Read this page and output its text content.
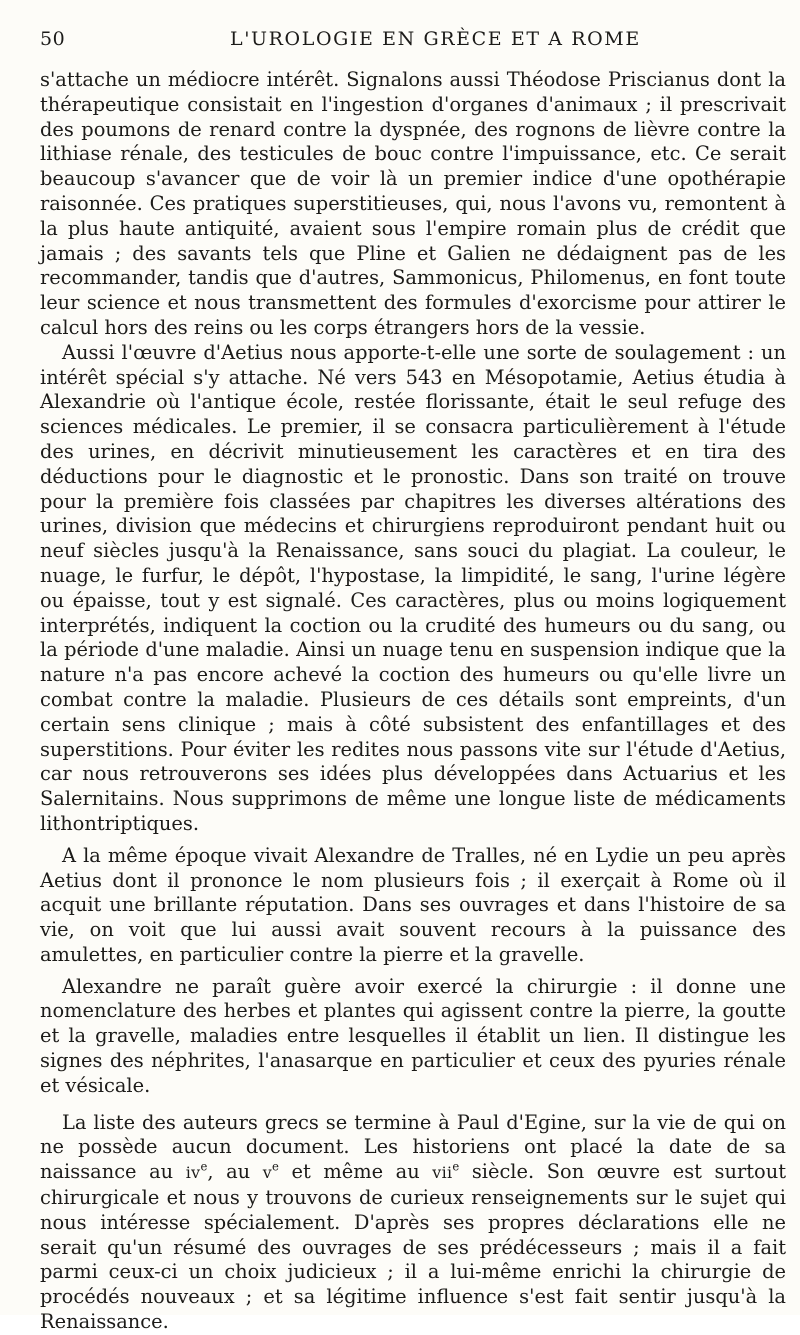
50	L'UROLOGIE EN GRÈCE ET A ROME

s'attache un médiocre intérêt. Signalons aussi Théodose Priscianus dont la thérapeutique consistait en l'ingestion d'organes d'animaux ; il prescrivait des poumons de renard contre la dyspnée, des rognons de lièvre contre la lithiase rénale, des testicules de bouc contre l'impuissance, etc. Ce serait beaucoup s'avancer que de voir là un premier indice d'une opothérapie raisonnée. Ces pratiques superstitieuses, qui, nous l'avons vu, remontent à la plus haute antiquité, avaient sous l'empire romain plus de crédit que jamais ; des savants tels que Pline et Galien ne dédaignent pas de les recommander, tandis que d'autres, Sammonicus, Philomenus, en font toute leur science et nous transmettent des formules d'exorcisme pour attirer le calcul hors des reins ou les corps étrangers hors de la vessie.

Aussi l'œuvre d'Aetius nous apporte-t-elle une sorte de soulagement : un intérêt spécial s'y attache. Né vers 543 en Mésopotamie, Aetius étudia à Alexandrie où l'antique école, restée florissante, était le seul refuge des sciences médicales. Le premier, il se consacra particulièrement à l'étude des urines, en décrivit minutieusement les caractères et en tira des déductions pour le diagnostic et le pronostic. Dans son traité on trouve pour la première fois classées par chapitres les diverses altérations des urines, division que médecins et chirurgiens reproduiront pendant huit ou neuf siècles jusqu'à la Renaissance, sans souci du plagiat. La couleur, le nuage, le furfur, le dépôt, l'hypostase, la limpidité, le sang, l'urine légère ou épaisse, tout y est signalé. Ces caractères, plus ou moins logiquement interprétés, indiquent la coction ou la crudité des humeurs ou du sang, ou la période d'une maladie. Ainsi un nuage tenu en suspension indique que la nature n'a pas encore achevé la coction des humeurs ou qu'elle livre un combat contre la maladie. Plusieurs de ces détails sont empreints, d'un certain sens clinique ; mais à côté subsistent des enfantillages et des superstitions. Pour éviter les redites nous passons vite sur l'étude d'Aetius, car nous retrouverons ses idées plus développées dans Actuarius et les Salernitains. Nous supprimons de même une longue liste de médicaments lithontriptiques.

A la même époque vivait Alexandre de Tralles, né en Lydie un peu après Aetius dont il prononce le nom plusieurs fois ; il exerçait à Rome où il acquit une brillante réputation. Dans ses ouvrages et dans l'histoire de sa vie, on voit que lui aussi avait souvent recours à la puissance des amulettes, en particulier contre la pierre et la gravelle.

Alexandre ne paraît guère avoir exercé la chirurgie : il donne une nomenclature des herbes et plantes qui agissent contre la pierre, la goutte et la gravelle, maladies entre lesquelles il établit un lien. Il distingue les signes des néphrites, l'anasarque en particulier et ceux des pyuries rénale et vésicale.

La liste des auteurs grecs se termine à Paul d'Egine, sur la vie de qui on ne possède aucun document. Les historiens ont placé la date de sa naissance au $iv^e$, au $v^e$ et même au vii$^e$ siècle. Son œuvre est surtout chirurgicale et nous y trouvons de curieux renseignements sur le sujet qui nous intéresse spécialement. D'après ses propres déclarations elle ne serait qu'un résumé des ouvrages de ses prédécesseurs ; mais il a fait parmi ceux-ci un choix judicieux ; il a lui-même enrichi la chirurgie de procédés nouveaux ; et sa légitime influence s'est fait sentir jusqu'à la Renaissance.
